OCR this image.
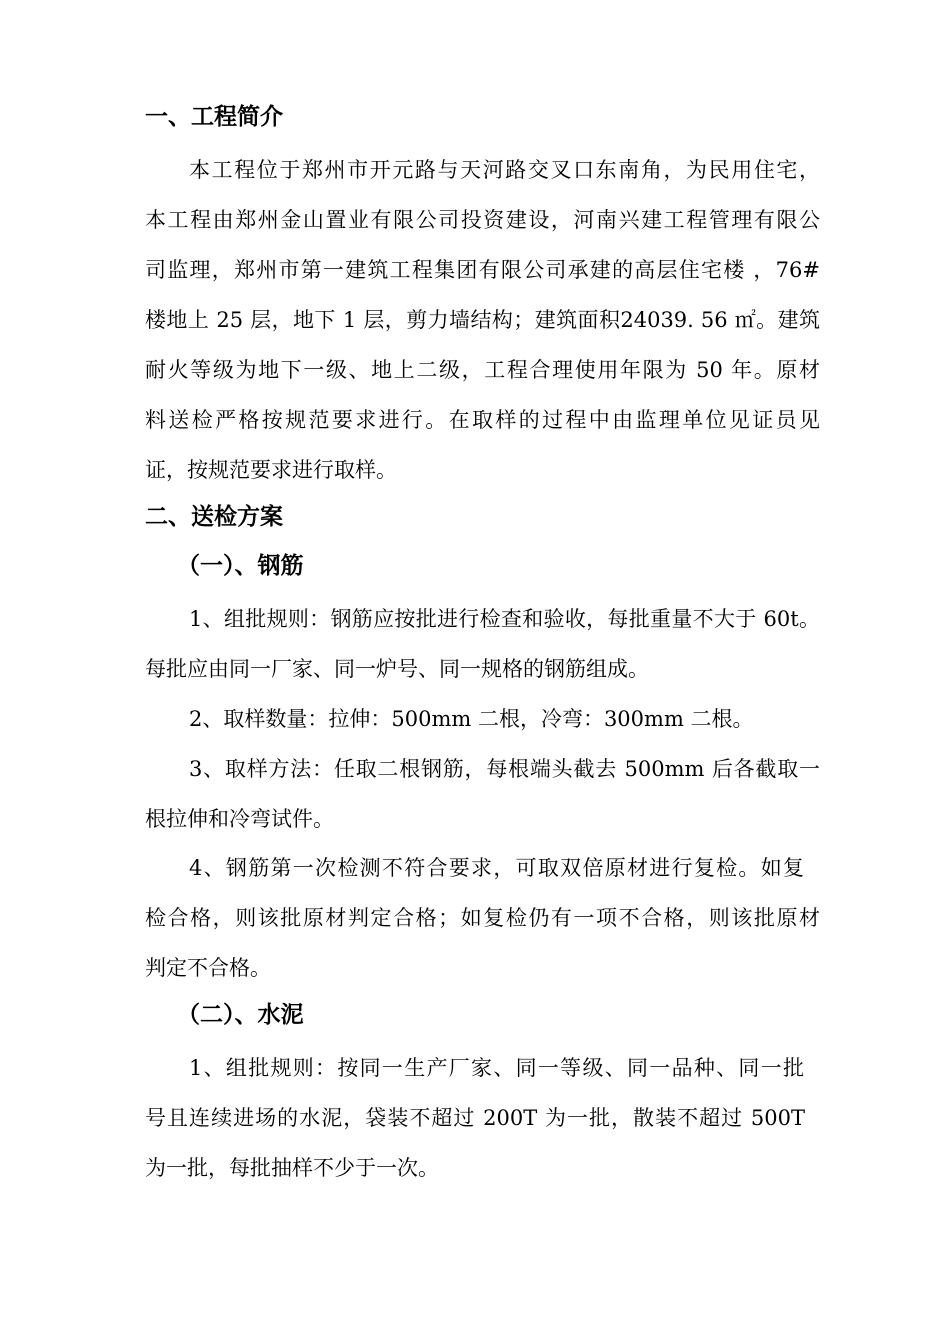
一、工程简介
本工程位于郑州市开元路与天河路交叉口东南角，为民用住宅，
本工程由郑州金山置业有限公司投资建设，河南兴建工程管理有限公
司监理，郑州市第一建筑工程集团有限公司承建的高层住宅楼 ，76#
楼地上 25 层，地下 1 层，剪力墙结构；建筑面积24039. 56 ㎡。建筑
耐火等级为地下一级、地上二级，工程合理使用年限为 50 年。原材
料送检严格按规范要求进行。在取样的过程中由监理单位见证员见
证，按规范要求进行取样。
二、送检方案
（一）、钢筋
1、组批规则：钢筋应按批进行检查和验收，每批重量不大于 60t。
每批应由同一厂家、同一炉号、同一规格的钢筋组成。
2、取样数量：拉伸：500mm 二根，冷弯：300mm 二根。
3、取样方法：任取二根钢筋，每根端头截去 500mm 后各截取一
根拉伸和冷弯试件。
4、钢筋第一次检测不符合要求，可取双倍原材进行复检。如复
检合格，则该批原材判定合格；如复检仍有一项不合格，则该批原材
判定不合格。
（二）、水泥
1、组批规则：按同一生产厂家、同一等级、同一品种、同一批
号且连续进场的水泥，袋装不超过 200T 为一批，散装不超过 500T
为一批，每批抽样不少于一次。
